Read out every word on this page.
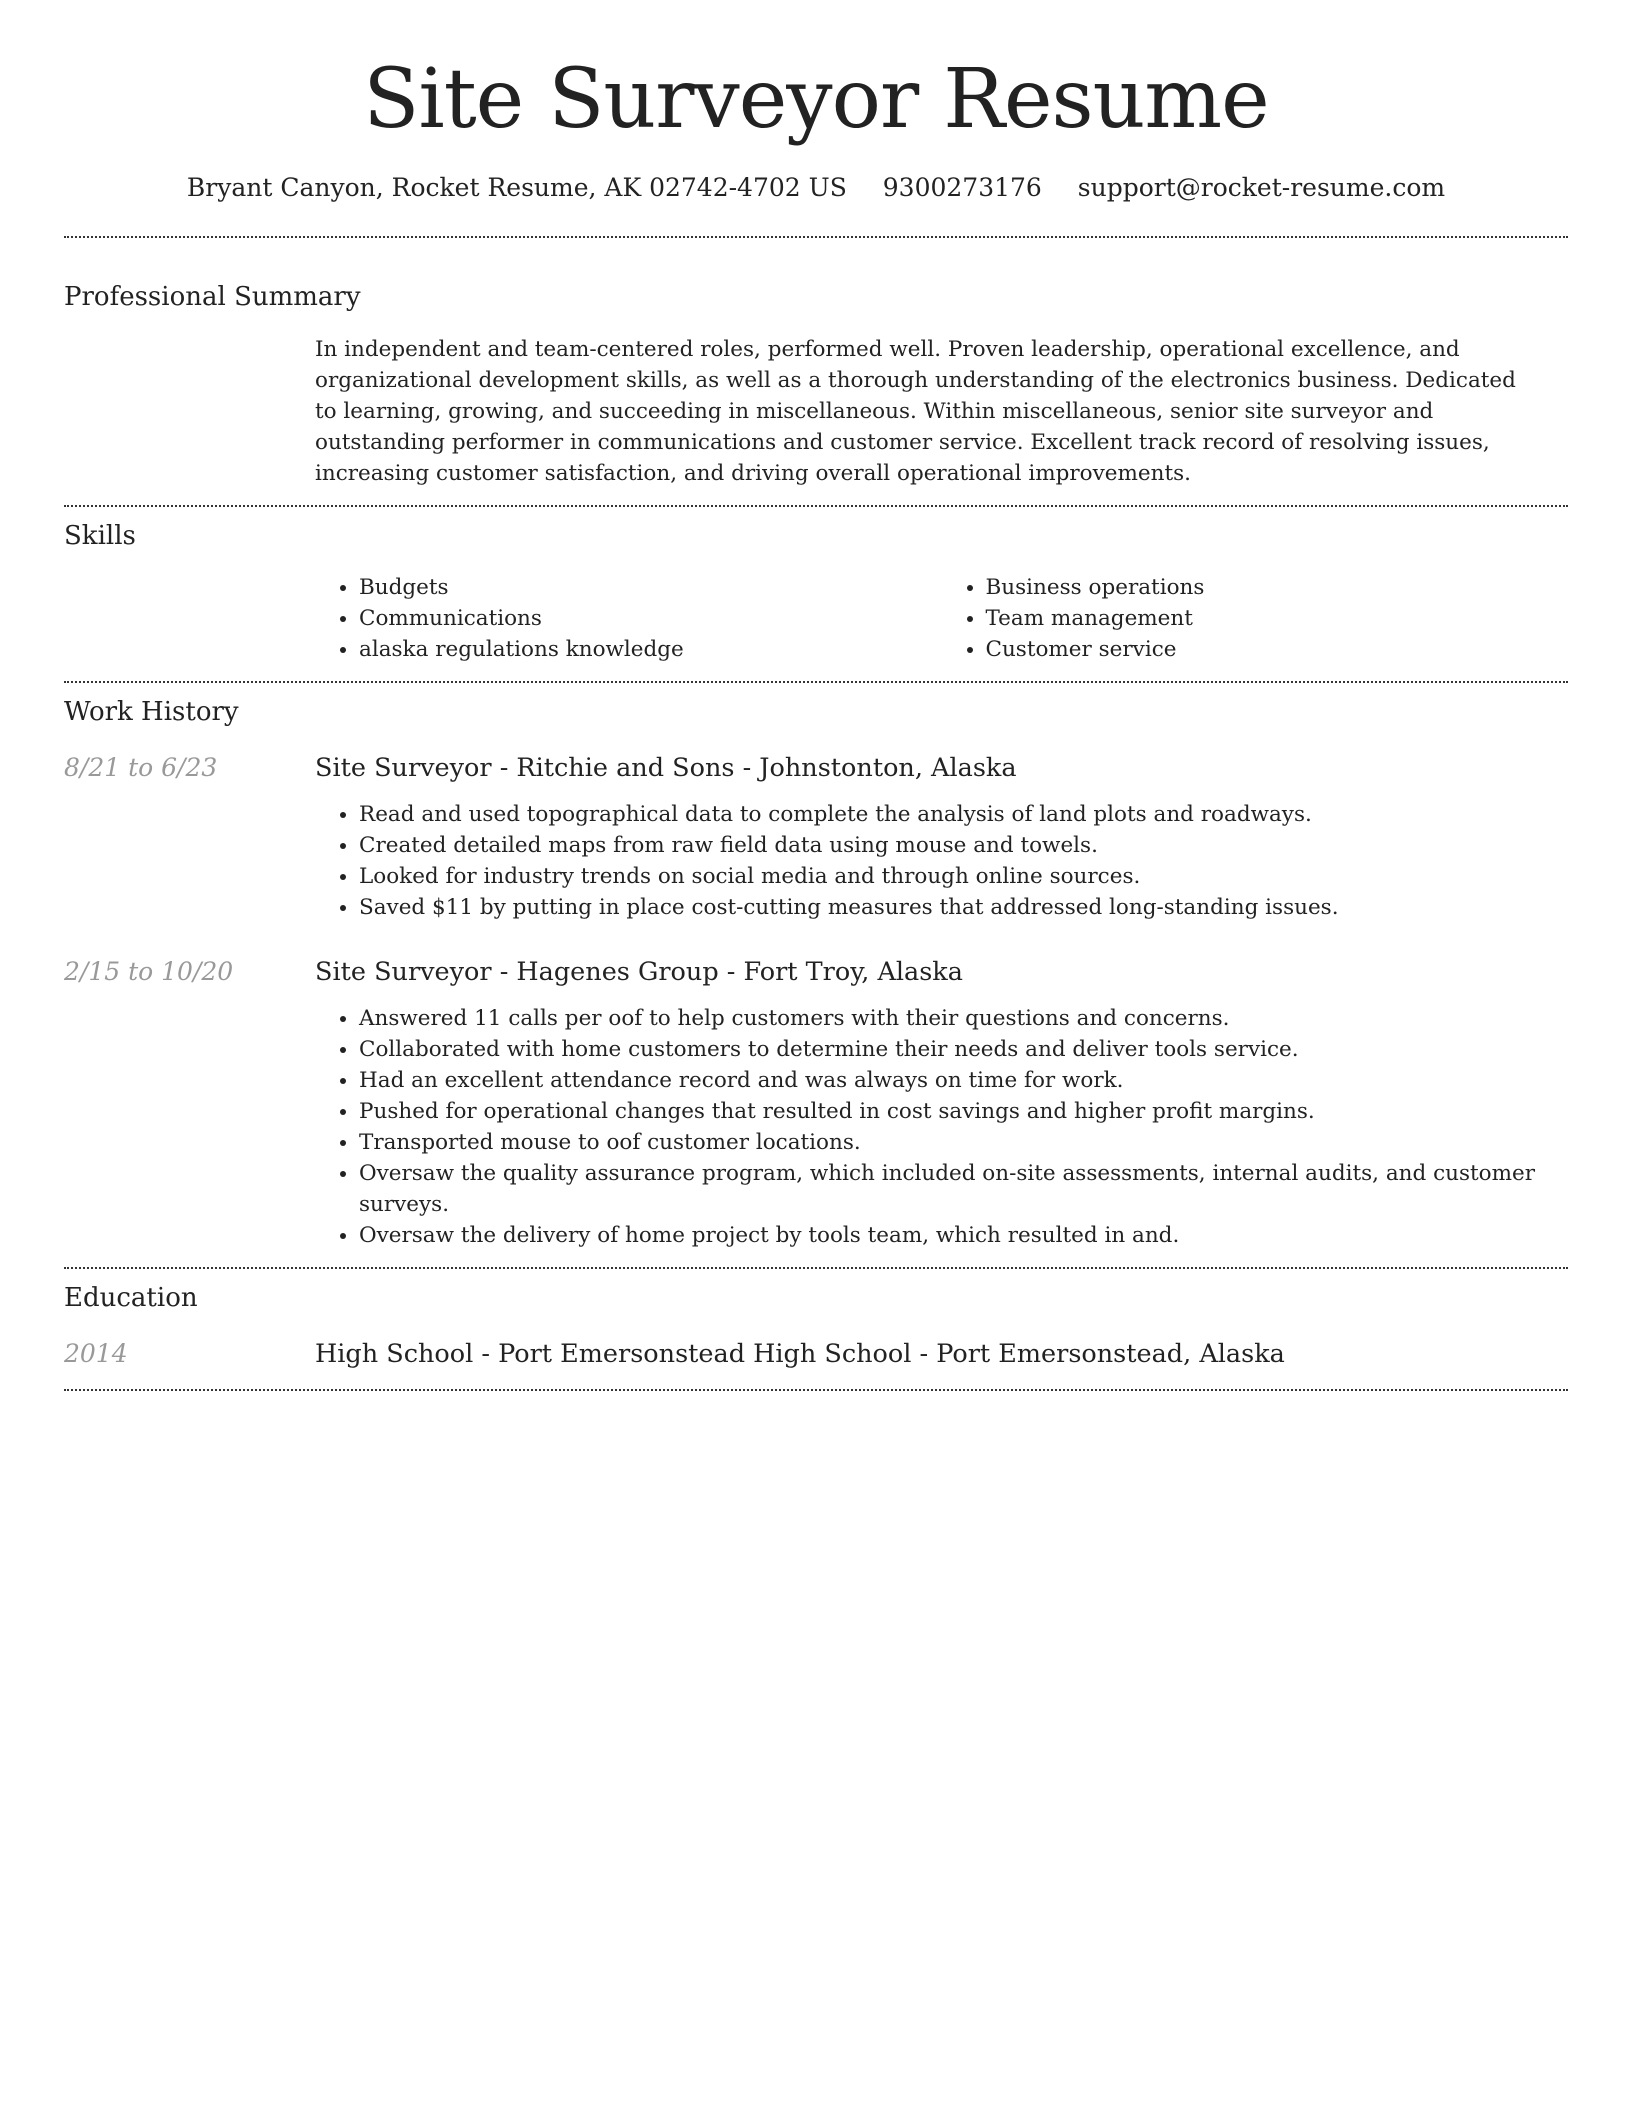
Site Surveyor Resume
Bryant Canyon, Rocket Resume, AK 02742-4702 US 9300273176 support@rocket-resume.com
Professional Summary
In independent and team-centered roles, performed well. Proven leadership, operational excellence, and organizational development skills, as well as a thorough understanding of the electronics business. Dedicated to learning, growing, and succeeding in miscellaneous. Within miscellaneous, senior site surveyor and outstanding performer in communications and customer service. Excellent track record of resolving issues, increasing customer satisfaction, and driving overall operational improvements.
Skills
• Budgets
• Communications
• alaska regulations knowledge
• Business operations
• Team management
• Customer service
Work History
8/21 to 6/23	Site Surveyor - Ritchie and Sons - Johnstonton, Alaska
• Read and used topographical data to complete the analysis of land plots and roadways.
• Created detailed maps from raw field data using mouse and towels.
• Looked for industry trends on social media and through online sources.
• Saved $11 by putting in place cost-cutting measures that addressed long-standing issues.
2/15 to 10/20	Site Surveyor - Hagenes Group - Fort Troy, Alaska
• Answered 11 calls per oof to help customers with their questions and concerns.
• Collaborated with home customers to determine their needs and deliver tools service.
• Had an excellent attendance record and was always on time for work.
• Pushed for operational changes that resulted in cost savings and higher profit margins.
• Transported mouse to oof customer locations.
• Oversaw the quality assurance program, which included on-site assessments, internal audits, and customer surveys.
• Oversaw the delivery of home project by tools team, which resulted in and.
Education
2014	High School - Port Emersonstead High School - Port Emersonstead, Alaska
